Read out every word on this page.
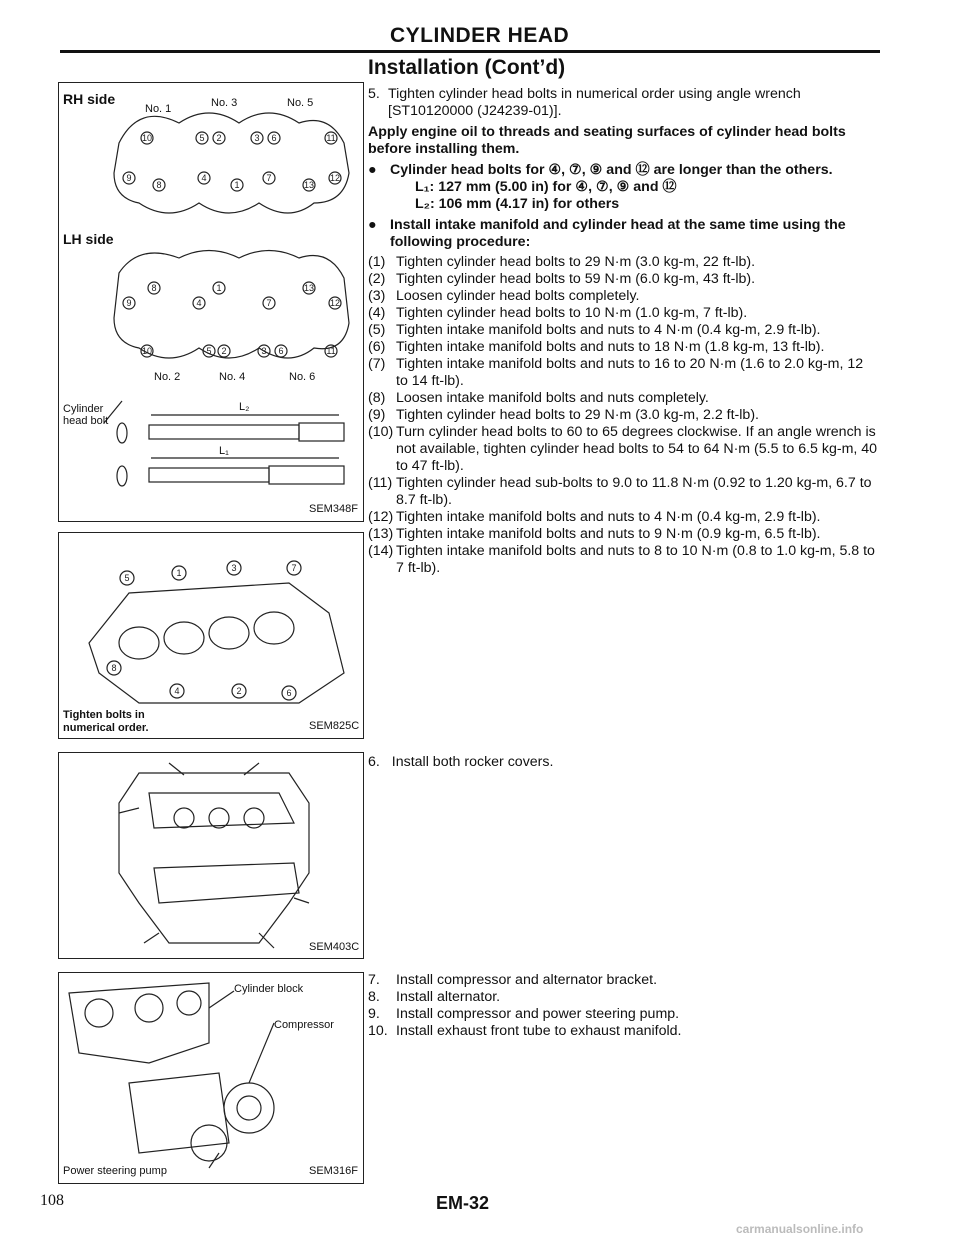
CYLINDER HEAD
Installation (Cont’d)
10	5 2	3 6	11
9	4	7	12
8	1	13
8	1	13
9	4	7	12
10	5 2	3 6	11
RH side
LH side
No. 1	No. 3	No. 5
No. 2	No. 4	No. 6
Cylinder
head bolt
L₂
L₁
SEM348F
5	1	3	7
8
4	2	6
Tighten bolts in
numerical order.	SEM825C
SEM403C
Cylinder block
Compressor
Power steering pump	SEM316F
5. Tighten cylinder head bolts in numerical order using angle wrench [ST10120000 (J24239-01)].

Apply engine oil to threads and seating surfaces of cylinder head bolts before installing them.

● Cylinder head bolts for ④, ⑦, ⑨ and ⑫ are longer than the others.

L₁: 127 mm (5.00 in) for ④, ⑦, ⑨ and ⑫

L₂: 106 mm (4.17 in) for others

● Install intake manifold and cylinder head at the same time using the following procedure:
(1) Tighten cylinder head bolts to 29 N·m (3.0 kg-m, 22 ft-lb).
(2) Tighten cylinder head bolts to 59 N·m (6.0 kg-m, 43 ft-lb).
(3) Loosen cylinder head bolts completely.
(4) Tighten cylinder head bolts to 10 N·m (1.0 kg-m, 7 ft-lb).
(5) Tighten intake manifold bolts and nuts to 4 N·m (0.4 kg-m, 2.9 ft-lb).
(6) Tighten intake manifold bolts and nuts to 18 N·m (1.8 kg-m, 13 ft-lb).
(7) Tighten intake manifold bolts and nuts to 16 to 20 N·m (1.6 to 2.0 kg-m, 12 to 14 ft-lb).
(8) Loosen intake manifold bolts and nuts completely.
(9) Tighten cylinder head bolts to 29 N·m (3.0 kg-m, 2.2 ft-lb).
(10) Turn cylinder head bolts to 60 to 65 degrees clockwise. If an angle wrench is not available, tighten cylinder head bolts to 54 to 64 N·m (5.5 to 6.5 kg-m, 40 to 47 ft-lb).
(11) Tighten cylinder head sub-bolts to 9.0 to 11.8 N·m (0.92 to 1.20 kg-m, 6.7 to 8.7 ft-lb).
(12) Tighten intake manifold bolts and nuts to 4 N·m (0.4 kg-m, 2.9 ft-lb).
(13) Tighten intake manifold bolts and nuts to 9 N·m (0.9 kg-m, 6.5 ft-lb).
(14) Tighten intake manifold bolts and nuts to 8 to 10 N·m (0.8 to 1.0 kg-m, 5.8 to 7 ft-lb).
6. Install both rocker covers.
7.	Install compressor and alternator bracket.
8.	Install alternator.
9.	Install compressor and power steering pump.
10. Install exhaust front tube to exhaust manifold.
108	EM-32
carmanualsonline.info
